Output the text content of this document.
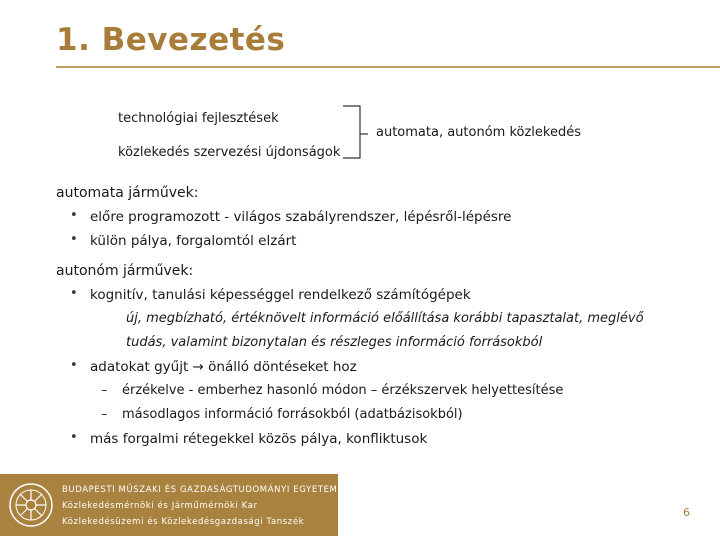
1. Bevezetés
technológiai fejlesztések
közlekedés szervezési újdonságok
automata, autonóm közlekedés
automata járművek:
• előre programozott - világos szabályrendszer, lépésről-lépésre
• külön pálya, forgalomtól elzárt
autonóm járművek:
• kognitív, tanulási képességgel rendelkező számítógépek
új, megbízható, értéknövelt információ előállítása korábbi tapasztalat, meglévő
tudás, valamint bizonytalan és részleges információ forrásokból
• adatokat gyűjt → önálló döntéseket hoz
– érzékelve - emberhez hasonló módon – érzékszervek helyettesítése
– másodlagos információ forrásokból (adatbázisokból)
• más forgalmi rétegekkel közös pálya, konfliktusok
BUDAPESTI MŰSZAKI ÉS GAZDASÁGTUDOMÁNYI EGYETEM
Közlekedésmérnöki és Járműmérnöki Kar
Közlekedésüzemi és Közlekedésgazdasági Tanszék
6
